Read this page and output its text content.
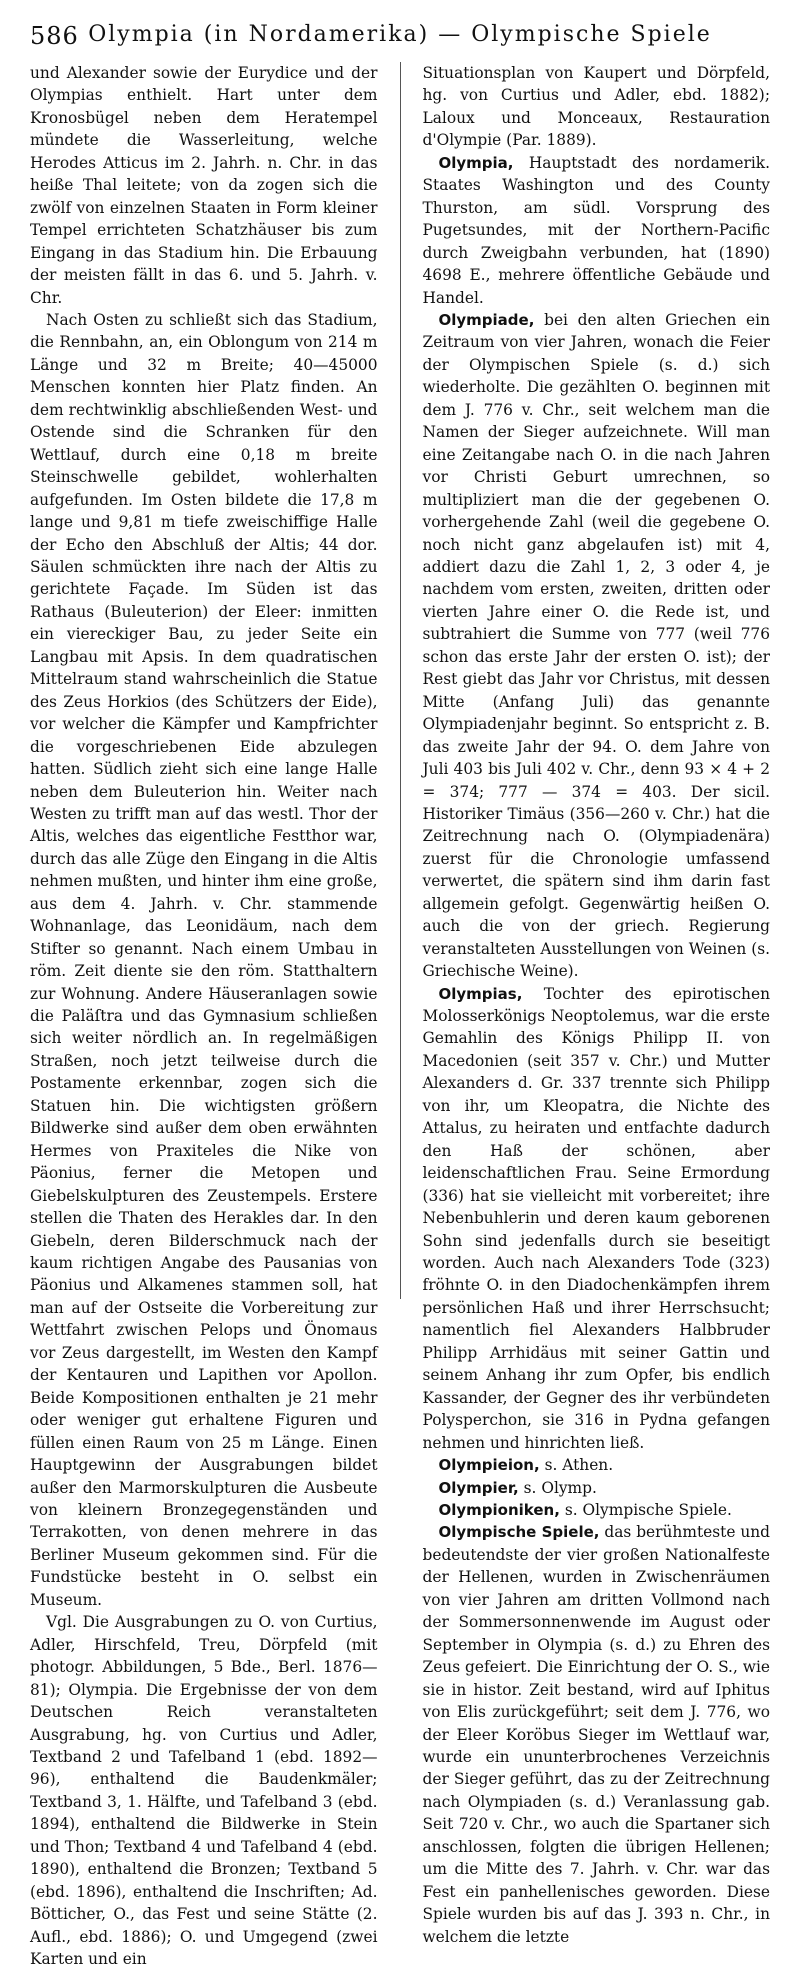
586 Olympia (in Nordamerika) — Olympische Spiele

und Alexander sowie der Eurydice und der Olympias enthielt. Hart unter dem Kronosbügel neben dem Heratempel mündete die Wasserleitung, welche Herodes Atticus im 2. Jahrh. n. Chr. in das heiße Thal leitete; von da zogen sich die zwölf von einzelnen Staaten in Form kleiner Tempel errichteten Schatzhäuser bis zum Eingang in das Stadium hin. Die Erbauung der meisten fällt in das 6. und 5. Jahrh. v. Chr.

Nach Osten zu schließt sich das Stadium, die Rennbahn, an, ein Oblongum von 214 m Länge und 32 m Breite; 40—45000 Menschen konnten hier Platz finden. An dem rechtwinklig abschließenden West- und Ostende sind die Schranken für den Wettlauf, durch eine 0,18 m breite Steinschwelle gebildet, wohlerhalten aufgefunden. Im Osten bildete die 17,8 m lange und 9,81 m tiefe zweischiffige Halle der Echo den Abschluß der Altis; 44 dor. Säulen schmückten ihre nach der Altis zu gerichtete Façade. Im Süden ist das Rathaus (Buleuterion) der Eleer: inmitten ein viereckiger Bau, zu jeder Seite ein Langbau mit Apsis. In dem quadratischen Mittelraum stand wahrscheinlich die Statue des Zeus Horkios (des Schützers der Eide), vor welcher die Kämpfer und Kampfrichter die vorgeschriebenen Eide abzulegen hatten. Südlich zieht sich eine lange Halle neben dem Buleuterion hin. Weiter nach Westen zu trifft man auf das westl. Thor der Altis, welches das eigentliche Festthor war, durch das alle Züge den Eingang in die Altis nehmen mußten, und hinter ihm eine große, aus dem 4. Jahrh. v. Chr. stammende Wohnanlage, das Leonidäum, nach dem Stifter so genannt. Nach einem Umbau in röm. Zeit diente sie den röm. Statthaltern zur Wohnung. Andere Häuseranlagen sowie die Paläſtra und das Gymnasium schließen sich weiter nördlich an. In regelmäßigen Straßen, noch jetzt teilweise durch die Postamente erkennbar, zogen sich die Statuen hin. Die wichtigsten größern Bildwerke sind außer dem oben erwähnten Hermes von Praxiteles die Nike von Päonius, ferner die Metopen und Giebelskulpturen des Zeustempels. Erstere stellen die Thaten des Herakles dar. In den Giebeln, deren Bilderschmuck nach der kaum richtigen Angabe des Pausanias von Päonius und Alkamenes stammen soll, hat man auf der Ostseite die Vorbereitung zur Wettfahrt zwischen Pelops und Önomaus vor Zeus dargestellt, im Westen den Kampf der Kentauren und Lapithen vor Apollon. Beide Kompositionen enthalten je 21 mehr oder weniger gut erhaltene Figuren und füllen einen Raum von 25 m Länge. Einen Hauptgewinn der Ausgrabungen bildet außer den Marmorskulpturen die Ausbeute von kleinern Bronzegegenständen und Terrakotten, von denen mehrere in das Berliner Museum gekommen sind. Für die Fundstücke besteht in O. selbst ein Museum.

Vgl. Die Ausgrabungen zu O. von Curtius, Adler, Hirschfeld, Treu, Dörpfeld (mit photogr. Abbildungen, 5 Bde., Berl. 1876—81); Olympia. Die Ergebnisse der von dem Deutschen Reich veranstalteten Ausgrabung, hg. von Curtius und Adler, Textband 2 und Tafelband 1 (ebd. 1892—96), enthaltend die Baudenkmäler; Textband 3, 1. Hälfte, und Tafelband 3 (ebd. 1894), enthaltend die Bildwerke in Stein und Thon; Textband 4 und Tafelband 4 (ebd. 1890), enthaltend die Bronzen; Textband 5 (ebd. 1896), enthaltend die Inschriften; Ad. Bötticher, O., das Fest und seine Stätte (2. Aufl., ebd. 1886); O. und Umgegend (zwei Karten und ein

Situationsplan von Kaupert und Dörpfeld, hg. von Curtius und Adler, ebd. 1882); Laloux und Monceaux, Restauration d'Olympie (Par. 1889).

Olympia, Hauptstadt des nordamerik. Staates Washington und des County Thurston, am südl. Vorsprung des Pugetsundes, mit der Northern-Pacific durch Zweigbahn verbunden, hat (1890) 4698 E., mehrere öffentliche Gebäude und Handel.

Olympiade, bei den alten Griechen ein Zeitraum von vier Jahren, wonach die Feier der Olympischen Spiele (s. d.) sich wiederholte. Die gezählten O. beginnen mit dem J. 776 v. Chr., seit welchem man die Namen der Sieger aufzeichnete. Will man eine Zeitangabe nach O. in die nach Jahren vor Christi Geburt umrechnen, so multipliziert man die der gegebenen O. vorhergehende Zahl (weil die gegebene O. noch nicht ganz abgelaufen ist) mit 4, addiert dazu die Zahl 1, 2, 3 oder 4, je nachdem vom ersten, zweiten, dritten oder vierten Jahre einer O. die Rede ist, und subtrahiert die Summe von 777 (weil 776 schon das erste Jahr der ersten O. ist); der Rest giebt das Jahr vor Christus, mit dessen Mitte (Anfang Juli) das genannte Olympiadenjahr beginnt. So entspricht z. B. das zweite Jahr der 94. O. dem Jahre von Juli 403 bis Juli 402 v. Chr., denn 93 × 4 + 2 = 374; 777 — 374 = 403. Der sicil. Historiker Timäus (356—260 v. Chr.) hat die Zeitrechnung nach O. (Olympiadenära) zuerst für die Chronologie umfassend verwertet, die spätern sind ihm darin fast allgemein gefolgt. Gegenwärtig heißen O. auch die von der griech. Regierung veranstalteten Ausstellungen von Weinen (s. Griechische Weine).

Olympias, Tochter des epirotischen Molosserkönigs Neoptolemus, war die erste Gemahlin des Königs Philipp II. von Macedonien (seit 357 v. Chr.) und Mutter Alexanders d. Gr. 337 trennte sich Philipp von ihr, um Kleopatra, die Nichte des Attalus, zu heiraten und entfachte dadurch den Haß der schönen, aber leidenschaftlichen Frau. Seine Ermordung (336) hat sie vielleicht mit vorbereitet; ihre Nebenbuhlerin und deren kaum geborenen Sohn sind jedenfalls durch sie beseitigt worden. Auch nach Alexanders Tode (323) fröhnte O. in den Diadochenkämpfen ihrem persönlichen Haß und ihrer Herrschsucht; namentlich fiel Alexanders Halbbruder Philipp Arrhidäus mit seiner Gattin und seinem Anhang ihr zum Opfer, bis endlich Kassander, der Gegner des ihr verbündeten Polysperchon, sie 316 in Pydna gefangen nehmen und hinrichten ließ.

Olympieion, s. Athen.

Olympier, s. Olymp.

Olympioniken, s. Olympische Spiele.

Olympische Spiele, das berühmteste und bedeutendste der vier großen Nationalfeste der Hellenen, wurden in Zwischenräumen von vier Jahren am dritten Vollmond nach der Sommersonnenwende im August oder September in Olympia (s. d.) zu Ehren des Zeus gefeiert. Die Einrichtung der O. S., wie sie in histor. Zeit bestand, wird auf Iphitus von Elis zurückgeführt; seit dem J. 776, wo der Eleer Koröbus Sieger im Wettlauf war, wurde ein ununterbrochenes Verzeichnis der Sieger geführt, das zu der Zeitrechnung nach Olympiaden (s. d.) Veranlassung gab. Seit 720 v. Chr., wo auch die Spartaner sich anschlossen, folgten die übrigen Hellenen; um die Mitte des 7. Jahrh. v. Chr. war das Fest ein panhellenisches geworden. Diese Spiele wurden bis auf das J. 393 n. Chr., in welchem die letzte
